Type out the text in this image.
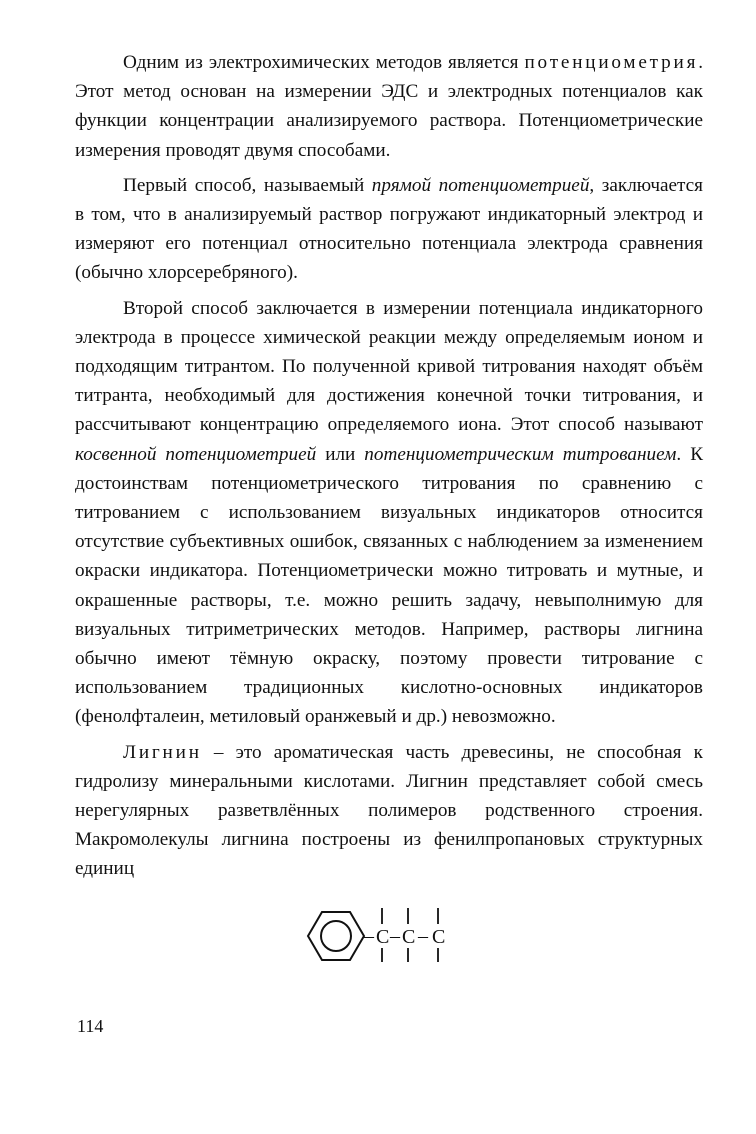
Одним из электрохимических методов является потенциометрия. Этот метод основан на измерении ЭДС и электродных потенциалов как функции концентрации анализируемого раствора. Потенциометрические измерения проводят двумя способами.

Первый способ, называемый прямой потенциометрией, заключается в том, что в анализируемый раствор погружают индикаторный электрод и измеряют его потенциал относительно потенциала электрода сравнения (обычно хлорсеребряного).

Второй способ заключается в измерении потенциала индикаторного электрода в процессе химической реакции между определяемым ионом и подходящим титрантом. По полученной кривой титрования находят объём титранта, необходимый для достижения конечной точки титрования, и рассчитывают концентрацию определяемого иона. Этот способ называют косвенной потенциометрией или потенциометрическим титрованием. К достоинствам потенциометрического титрования по сравнению с титрованием с использованием визуальных индикаторов относится отсутствие субъективных ошибок, связанных с наблюдением за изменением окраски индикатора. Потенциометрически можно титровать и мутные, и окрашенные растворы, т.е. можно решить задачу, невыполнимую для визуальных титриметрических методов. Например, растворы лигнина обычно имеют тёмную окраску, поэтому провести титрование с использованием традиционных кислотно-основных индикаторов (фенолфталеин, метиловый оранжевый и др.) невозможно.

Лигнин – это ароматическая часть древесины, не способная к гидролизу минеральными кислотами. Лигнин представляет собой смесь нерегулярных разветвлённых полимеров родственного строения. Макромолекулы лигнина построены из фенилпропановых структурных единиц

– C – C – C
114
